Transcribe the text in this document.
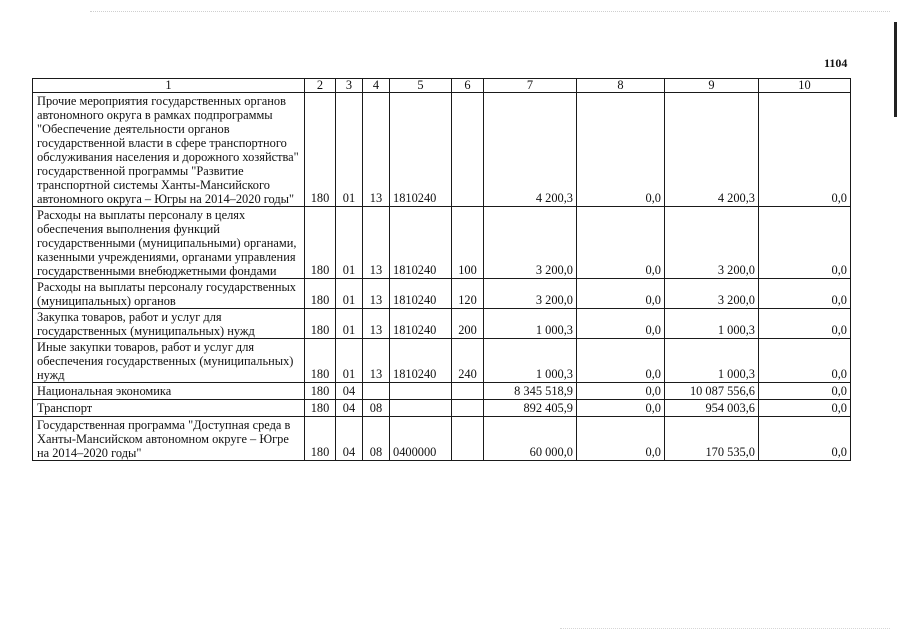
1104
1	2	3	4	5	6	7	8	9	10
Прочие мероприятия государственных органов автономного округа в рамках подпрограммы "Обеспечение деятельности органов государственной власти в сфере транспортного обслуживания населения и дорожного хозяйства" государственной программы "Развитие транспортной системы Ханты-Мансийского автономного округа – Югры на 2014–2020 годы"	180	01	13	1810240		4 200,3	0,0	4 200,3	0,0
Расходы на выплаты персоналу в целях обеспечения выполнения функций государственными (муниципальными) органами, казенными учреждениями, органами управления государственными внебюджетными фондами	180	01	13	1810240	100	3 200,0	0,0	3 200,0	0,0
Расходы на выплаты персоналу государственных (муниципальных) органов	180	01	13	1810240	120	3 200,0	0,0	3 200,0	0,0
Закупка товаров, работ и услуг для государственных (муниципальных) нужд	180	01	13	1810240	200	1 000,3	0,0	1 000,3	0,0
Иные закупки товаров, работ и услуг для обеспечения государственных (муниципальных) нужд	180	01	13	1810240	240	1 000,3	0,0	1 000,3	0,0
Национальная экономика	180	04				8 345 518,9	0,0	10 087 556,6	0,0
Транспорт	180	04	08			892 405,9	0,0	954 003,6	0,0
Государственная программа "Доступная среда в Ханты-Мансийском автономном округе – Югре на 2014–2020 годы"	180	04	08	0400000		60 000,0	0,0	170 535,0	0,0
